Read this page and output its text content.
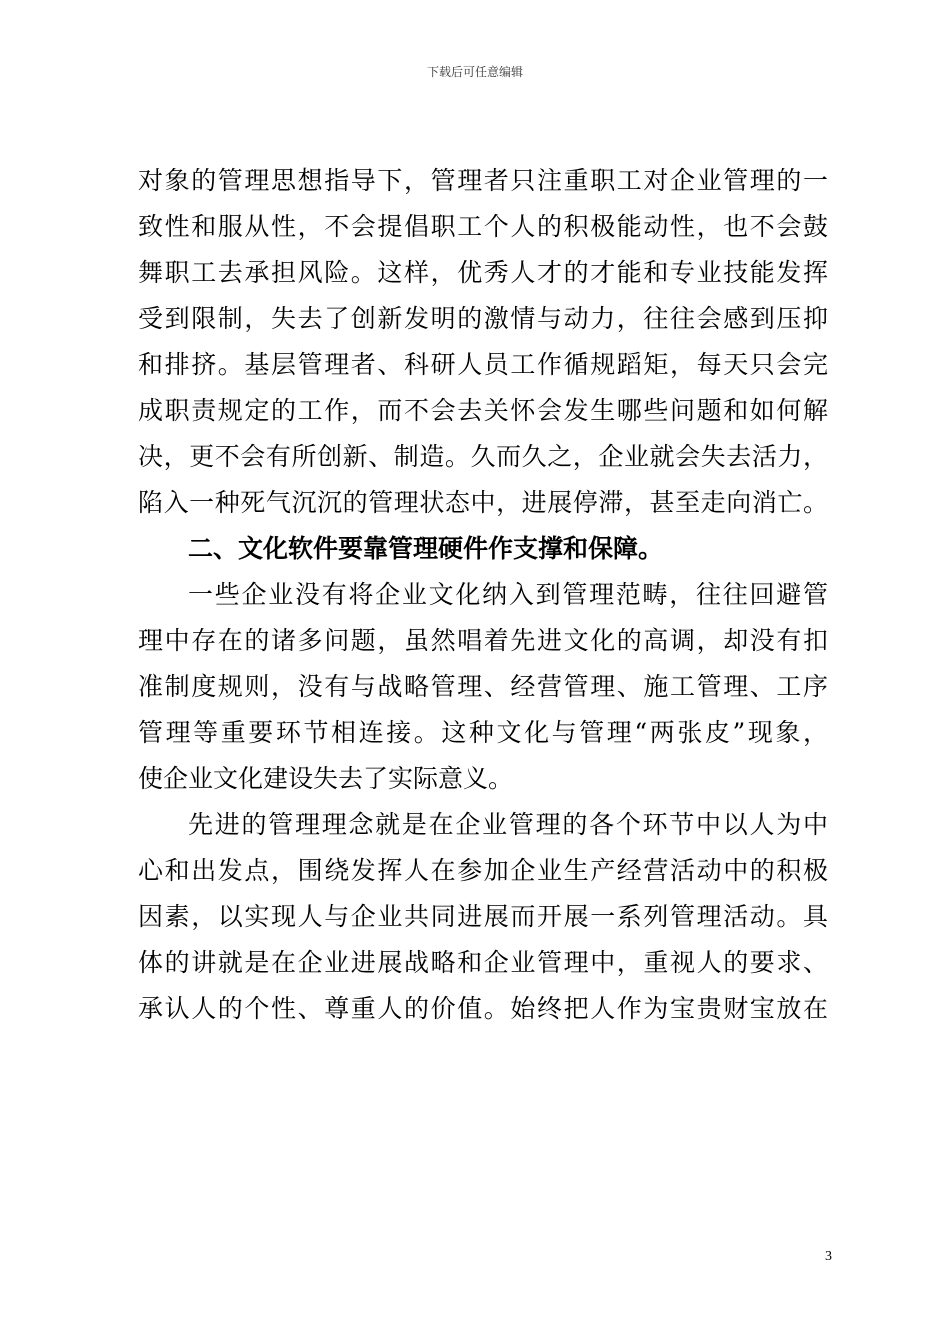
下载后可任意编辑
对象的管理思想指导下，管理者只注重职工对企业管理的一
致性和服从性，不会提倡职工个人的积极能动性，也不会鼓
舞职工去承担风险。这样，优秀人才的才能和专业技能发挥
受到限制，失去了创新发明的激情与动力，往往会感到压抑
和排挤。基层管理者、科研人员工作循规蹈矩，每天只会完
成职责规定的工作，而不会去关怀会发生哪些问题和如何解
决，更不会有所创新、制造。久而久之，企业就会失去活力，
陷入一种死气沉沉的管理状态中，进展停滞，甚至走向消亡。
二、文化软件要靠管理硬件作支撑和保障。
一些企业没有将企业文化纳入到管理范畴，往往回避管
理中存在的诸多问题，虽然唱着先进文化的高调，却没有扣
准制度规则，没有与战略管理、经营管理、施工管理、工序
管理等重要环节相连接。这种文化与管理“两张皮”现象，
使企业文化建设失去了实际意义。
先进的管理理念就是在企业管理的各个环节中以人为中
心和出发点，围绕发挥人在参加企业生产经营活动中的积极
因素，以实现人与企业共同进展而开展一系列管理活动。具
体的讲就是在企业进展战略和企业管理中，重视人的要求、
承认人的个性、尊重人的价值。始终把人作为宝贵财宝放在
3
